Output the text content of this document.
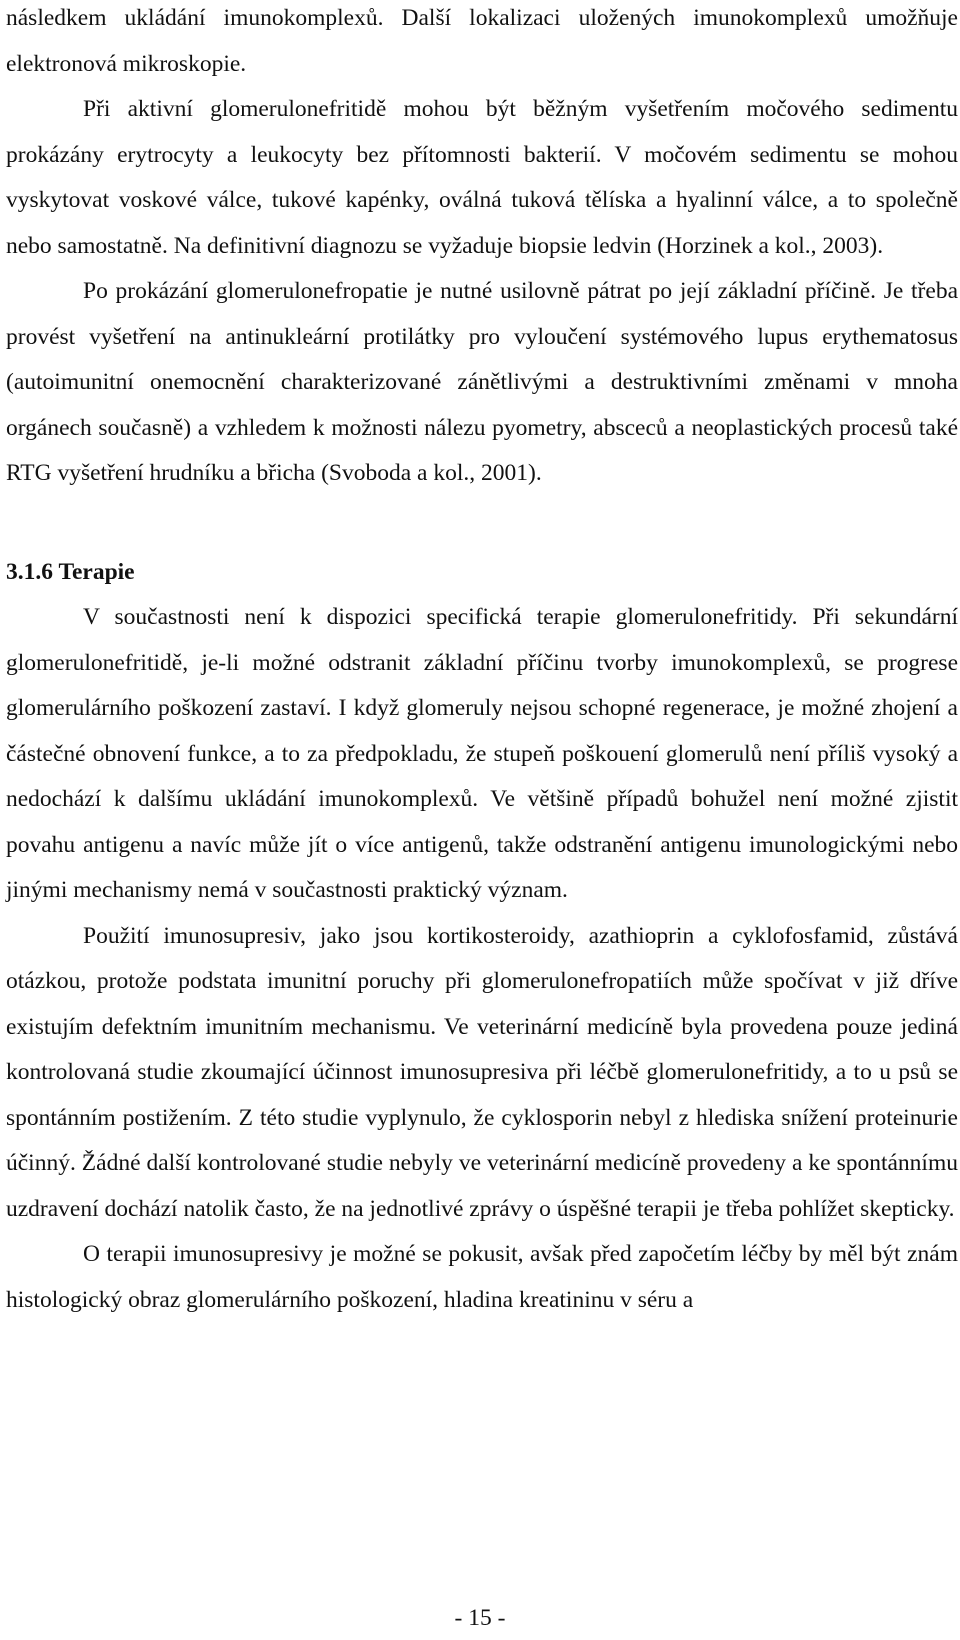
následkem ukládání imunokomplexů. Další lokalizaci uložených imunokomplexů umožňuje elektronová mikroskopie.

Při aktivní glomerulonefritidě mohou být běžným vyšetřením močového sedimentu prokázány erytrocyty a leukocyty bez přítomnosti bakterií. V močovém sedimentu se mohou vyskytovat voskové válce, tukové kapénky, oválná tuková tělíska a hyalinní válce, a to společně nebo samostatně. Na definitivní diagnozu se vyžaduje biopsie ledvin (Horzinek a kol., 2003).

Po prokázání glomerulonefropatie je nutné usilovně pátrat po její základní příčině. Je třeba provést vyšetření na antinukleární protilátky pro vyloučení systémového lupus erythematosus (autoimunitní onemocnění charakterizované zánětlivými a destruktivními změnami v mnoha orgánech současně) a vzhledem k možnosti nálezu pyometry, absceců a neoplastických procesů také RTG vyšetření hrudníku a břicha (Svoboda a kol., 2001).

3.1.6 Terapie

V součastnosti není k dispozici specifická terapie glomerulonefritidy. Při sekundární glomerulonefritidě, je-li možné odstranit základní příčinu tvorby imunokomplexů, se progrese glomerulárního poškození zastaví. I když glomeruly nejsou schopné regenerace, je možné zhojení a částečné obnovení funkce, a to za předpokladu, že stupeň poškouení glomerulů není příliš vysoký a nedochází k dalšímu ukládání imunokomplexů. Ve většině případů bohužel není možné zjistit povahu antigenu a navíc může jít o více antigenů, takže odstranění antigenu imunologickými nebo jinými mechanismy nemá v součastnosti praktický význam.

Použití imunosupresiv, jako jsou kortikosteroidy, azathioprin a cyklofosfamid, zůstává otázkou, protože podstata imunitní poruchy při glomerulonefropatiích může spočívat v již dříve existujím defektním imunitním mechanismu. Ve veterinární medicíně byla provedena pouze jediná kontrolovaná studie zkoumající účinnost imunosupresiva při léčbě glomerulonefritidy, a to u psů se spontánním postižením. Z této studie vyplynulo, že cyklosporin nebyl z hlediska snížení proteinurie účinný. Žádné další kontrolované studie nebyly ve veterinární medicíně provedeny a ke spontánnímu uzdravení dochází natolik často, že na jednotlivé zprávy o úspěšné terapii je třeba pohlížet skepticky.

O terapii imunosupresivy je možné se pokusit, avšak před započetím léčby by měl být znám histologický obraz glomerulárního poškození, hladina kreatininu v séru a

- 15 -
